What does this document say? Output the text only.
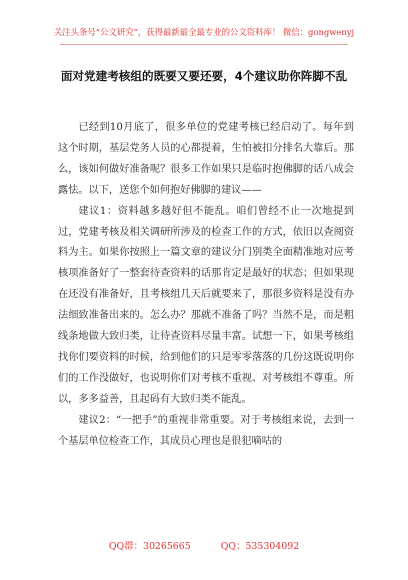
关注头条号“公文研究”，获得最新最全最专业的公文资料库！ 微信：gongwenyj
面对党建考核组的既要又要还要，4个建议助你阵脚不乱

已经到10月底了，很多单位的党建考核已经启动了。每年到这个时期，基层党务人员的心都提着，生怕被扣分排名大靠后。那么，该如何做好准备呢？很多工作如果只是临时抱佛脚的话八成会露怯。以下，送您个如何抱好佛脚的建议——

建议1：资料越多越好但不能乱。咱们曾经不止一次地提到过，党建考核及相关调研所涉及的检查工作的方式，依旧以查阅资料为主。如果你按照上一篇文章的建议分门别类全面精准地对应考核项准备好了一整套待查资料的话那肯定是最好的状态；但如果现在还没有准备好，且考核组几天后就要来了，那很多资料是没有办法细致准备出来的。怎么办？那就不准备了吗？当然不是，而是粗线条地做大致归类，让待查资料尽量丰富。试想一下，如果考核组找你们要资料的时候，给到他们的只是零零落落的几份这既说明你们的工作没做好，也说明你们对考核不重视、对考核组不尊重。所以，多多益善，且起码有大致归类不能乱。

建议2：“一把手”的重视非常重要。对于考核组来说，去到一个基层单位检查工作，其成员心理也是很犯嘀咕的

QQ群：30265665	QQ：535304092
